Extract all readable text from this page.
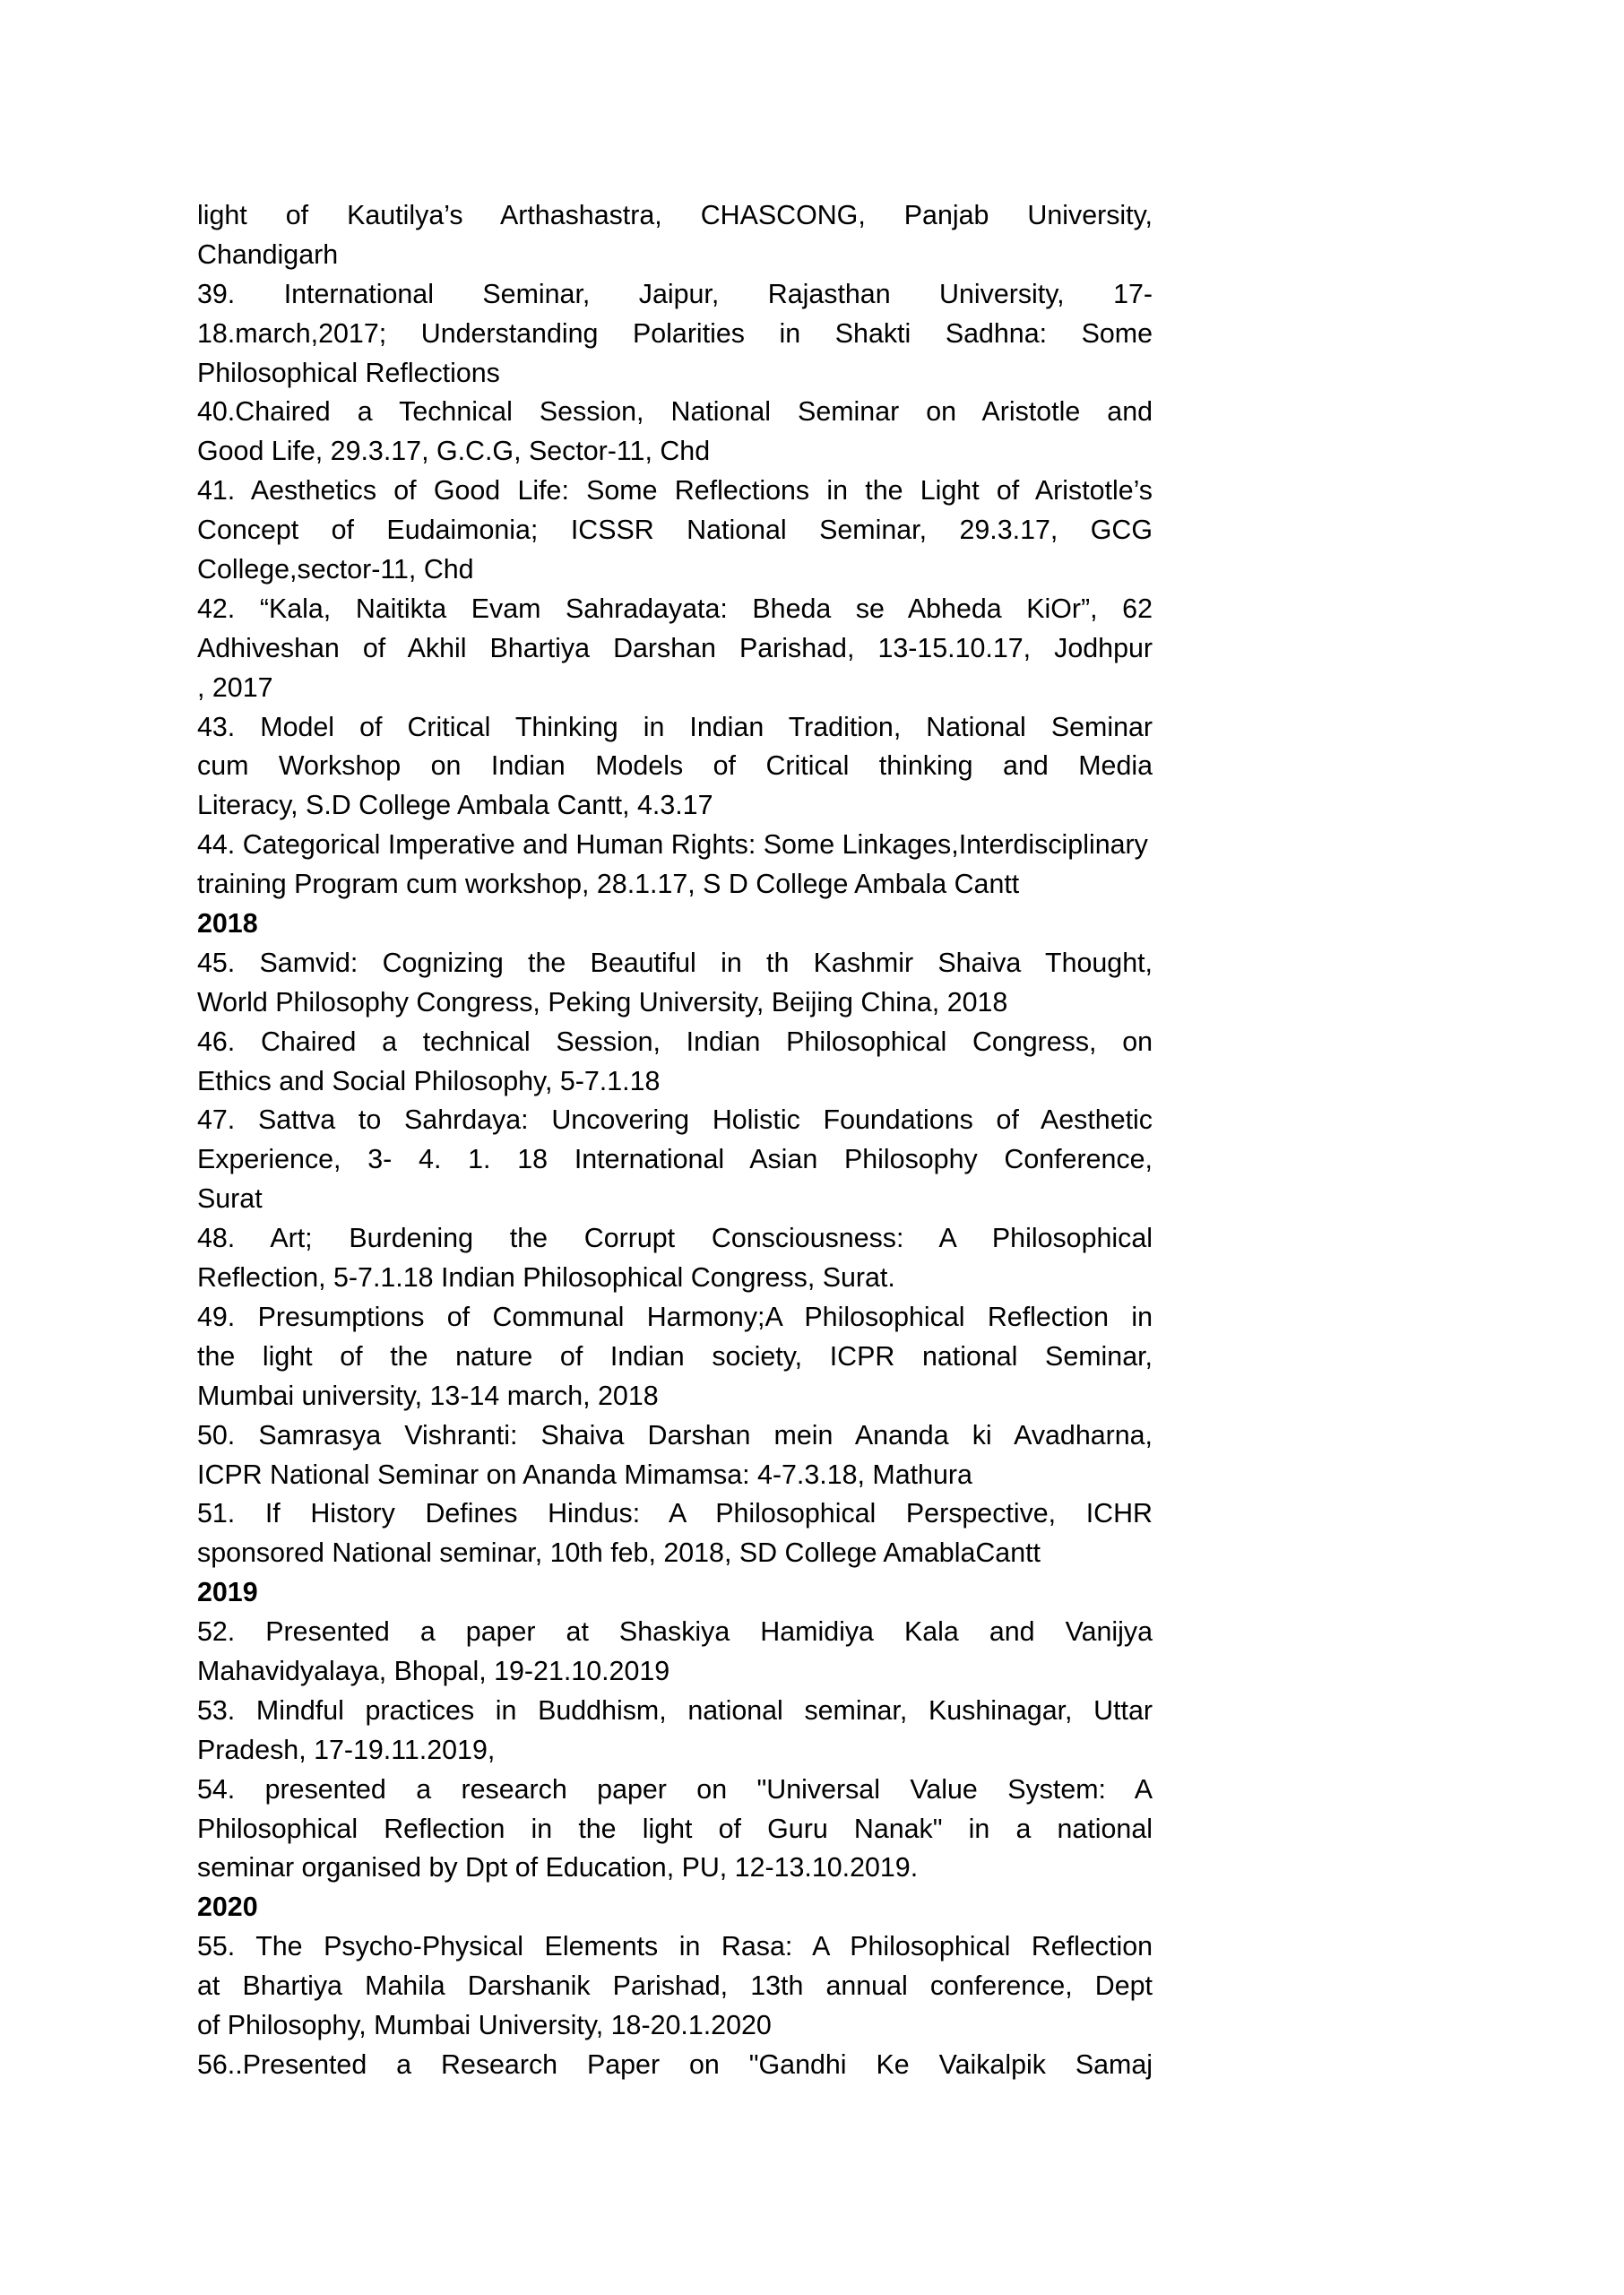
light of Kautilya’s Arthashastra, CHASCONG, Panjab University,
Chandigarh
39. International Seminar, Jaipur, Rajasthan University, 17-
18.march,2017; Understanding Polarities in Shakti Sadhna: Some
Philosophical Reflections
40.Chaired a Technical Session, National Seminar on Aristotle and
Good Life, 29.3.17, G.C.G, Sector-11, Chd
41. Aesthetics of Good Life: Some Reflections in the Light of Aristotle’s
Concept of Eudaimonia; ICSSR National Seminar, 29.3.17, GCG
College,sector-11, Chd
42. “Kala, Naitikta Evam Sahradayata: Bheda se Abheda KiOr”, 62
Adhiveshan of Akhil Bhartiya Darshan Parishad, 13-15.10.17, Jodhpur
, 2017
43. Model of Critical Thinking in Indian Tradition, National Seminar
cum Workshop on Indian Models of Critical thinking and Media
Literacy, S.D College Ambala Cantt, 4.3.17
44. Categorical Imperative and Human Rights: Some Linkages,Interdisciplinary
training Program cum workshop, 28.1.17, S D College Ambala Cantt
2018
45. Samvid: Cognizing the Beautiful in th Kashmir Shaiva Thought,
World Philosophy Congress, Peking University, Beijing China, 2018
46. Chaired a technical Session, Indian Philosophical Congress, on
Ethics and Social Philosophy, 5-7.1.18
47. Sattva to Sahrdaya: Uncovering Holistic Foundations of Aesthetic
Experience, 3- 4. 1. 18 International Asian Philosophy Conference,
Surat
48. Art; Burdening the Corrupt Consciousness: A Philosophical
Reflection, 5-7.1.18 Indian Philosophical Congress, Surat.
49. Presumptions of Communal Harmony;A Philosophical Reflection in
the light of the nature of Indian society, ICPR national Seminar,
Mumbai university, 13-14 march, 2018
50. Samrasya Vishranti: Shaiva Darshan mein Ananda ki Avadharna,
ICPR National Seminar on Ananda Mimamsa: 4-7.3.18, Mathura
51. If History Defines Hindus: A Philosophical Perspective, ICHR
sponsored National seminar, 10th feb, 2018, SD College AmablaCantt
2019
52. Presented a paper at Shaskiya Hamidiya Kala and Vanijya
Mahavidyalaya, Bhopal, 19-21.10.2019
53. Mindful practices in Buddhism, national seminar, Kushinagar, Uttar
Pradesh, 17-19.11.2019,
54. presented a research paper on "Universal Value System: A
Philosophical Reflection in the light of Guru Nanak" in a national
seminar organised by Dpt of Education, PU, 12-13.10.2019.
2020
55. The Psycho-Physical Elements in Rasa: A Philosophical Reflection
at Bhartiya Mahila Darshanik Parishad, 13th annual conference, Dept
of Philosophy, Mumbai University, 18-20.1.2020
56..Presented a Research Paper on "Gandhi Ke Vaikalpik Samaj
